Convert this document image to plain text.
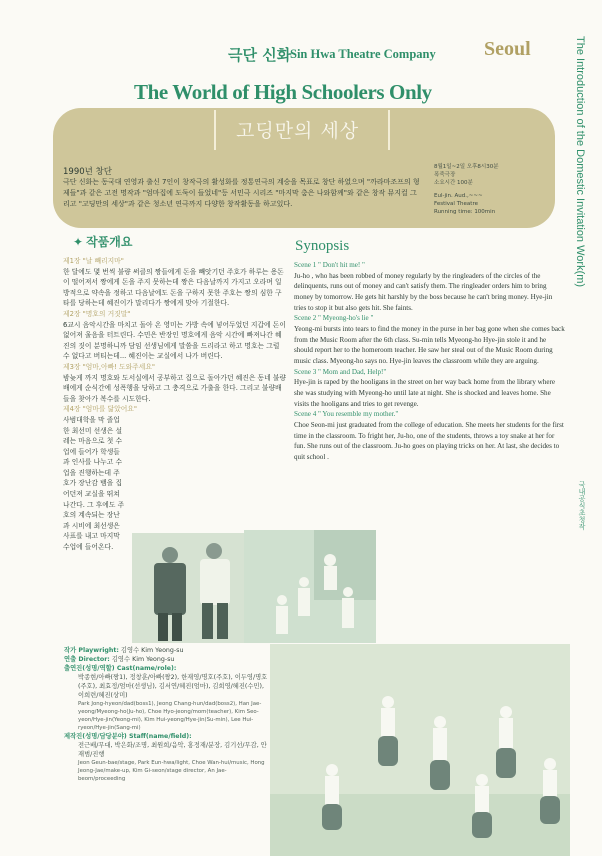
극단 신화
Sin Hwa Theatre Company Seoul
The World of High Schoolers Only
고딩만의 세상
1990년 창단
극단 신화는 동국대 연영과 출신 7인이 창작극의 활성화를 정통연극의 계승을 목표로 창단 하였으며 "까라마조프의 형제들"과 같은 고전 명작과 "엄마집에 도둑이 들었네"등 서민극 시리즈 "마지막 춤은 나와함께"와 같은 창작 뮤지컬 그리고 "고딩만의 세상"과 같은 청소년 연극까지 다양한 창작활동을 하고있다.
8월1일~2일 오후8시30분
폭죽극장
소요시간 100분
Eul-jin. Aud.,~~~
Festival Theatre
Running time: 100min	The Introduction of the Domestic Invitation Work(m)
국내공식초청작
✦ 작품개요
제1장 "날 빼리지마"

한 달에도 몇 번씩 불량 써클의 짱들에게 돈을 빼앗기던 주호가 하루는 용돈이 떨어져서 짱에게 돈을 주지 못하는데 짱은 다음날까지 가지고 오라며 일방적으로 약속을 정하고 다음날에도 돈을 구하지 못한 주호는 짱의 심한 구타를 당하는데 혜진이가 말리다가 짱에게 맞아 기절한다.

제2장 "명호의 거짓말"

6교시 음악시간을 마치고 돌아 온 영미는 가방 속에 넣어두었던 지갑에 돈이 없어져 울음을 터트린다. 수민은 반장인 명호에게 음악 시간에 빠져나간 혜진의 짓이 분명하니까 담임 선생님에게 말씀을 드리라고 하고 명호는 그럴 수 없다고 버티는데... 혜진이는 교실에서 나가 버린다.

제3장 "엄마,아빠! 도와주세요"

밤늦게 까지 명호와 도서실에서 공부하고 집으로 돌아가던 혜진은 동네 불량배에게 순식간에 성폭행을 당하고 그 충격으로 가출을 한다. 그리고 불량배들을 찾아가 복수를 시도한다.

제4장 "엄마를 닮았어요"

사범대학을 막 졸업한 최선미 선생은 설레는 마음으로 첫 수업에 들어가 학생들과 인사를 나누고 수업을 진행하는데 주호가 장난감 뱀을 집어던져 교실을 뛰쳐나간다. 그 후에도 주호의 계속되는 장난과 시비에 최선생은 사표를 내고 마지막 수업에 들어온다.

Synopsis
Scene 1 " Don't hit me! "

Ju-ho , who has been robbed of money regularly by the ringleaders of the circles of the delinquents, runs out of money and can't satisfy them. The ringleader orders him to bring money by tomorrow. He gets hit harshly by the boss because he can't bring money. Hye-jin tries to stop it but also gets hit. She faints.

Scene 2 " Myeong-ho's lie "

Yeong-mi bursts into tears to find the money in the purse in her bag gone when she comes back from the Music Room after the 6th class. Su-min tells Myeong-ho Hye-jin stole it and he should report her to the homeroom teacher. He saw her steal out of the Music Room during music class. Myeong-ho says no. Hye-jin leaves the classroom while they are arguing.

Scene 3 " Mom and Dad, Help!"

Hye-jin is raped by the hooligans in the street on her way back home from the library where she was studying with Myeong-ho until late at night. She is shocked and leaves home. She visits the hooligans and tries to get revenge.

Scene 4 " You resemble my mother."

Choe Seon-mi just graduated from the college of education. She meets her students for the first time in the classroom. To fright her, Ju-ho, one of the students, throws a toy snake at her for fun. She runs out of the classroom. Ju-ho goes on playing tricks on her. At last, she decides to quit school .

작가 Playwright: 김영수 Kim Yeong-su

연출 Director: 김영수 Kim Yeong-su

출연진(성명/역할) Cast(name/role):

박종현/아빠(짱1), 정창훈/아빠(짱2), 한재영/명호(주호), 이두영/명호(주호), 최효정/엄마(선생님), 김서연/혜진(엄마), 김희영/혜진(수민), 이희련/혜진(상미)

Park Jong-hyeon/dad(boss1), Jeong Chang-hun/dad(boss2), Han Jae-yeong/Myeong-ho(Ju-ho), Choe Hyo-jeong/mom(teacher), Kim Seo-yeon/Hye-jin(Yeong-mi), Kim Hui-yeong/Hye-jin(Su-min), Lee Hui-ryeon/Hye-jin(Sang-mi)

제작진(성명/담당분야) Staff(name/field):

전근배/무대, 박은화/조명, 최원희/음악, 홍정재/분장, 김기선/무감, 안재범/진행

Jeon Geun-bae/stage, Park Eun-hwa/light, Choe Wan-hui/music, Hong Jeong-Jae/make-up, Kim Gi-seon/stage director, An Jae-beom/proceeding
